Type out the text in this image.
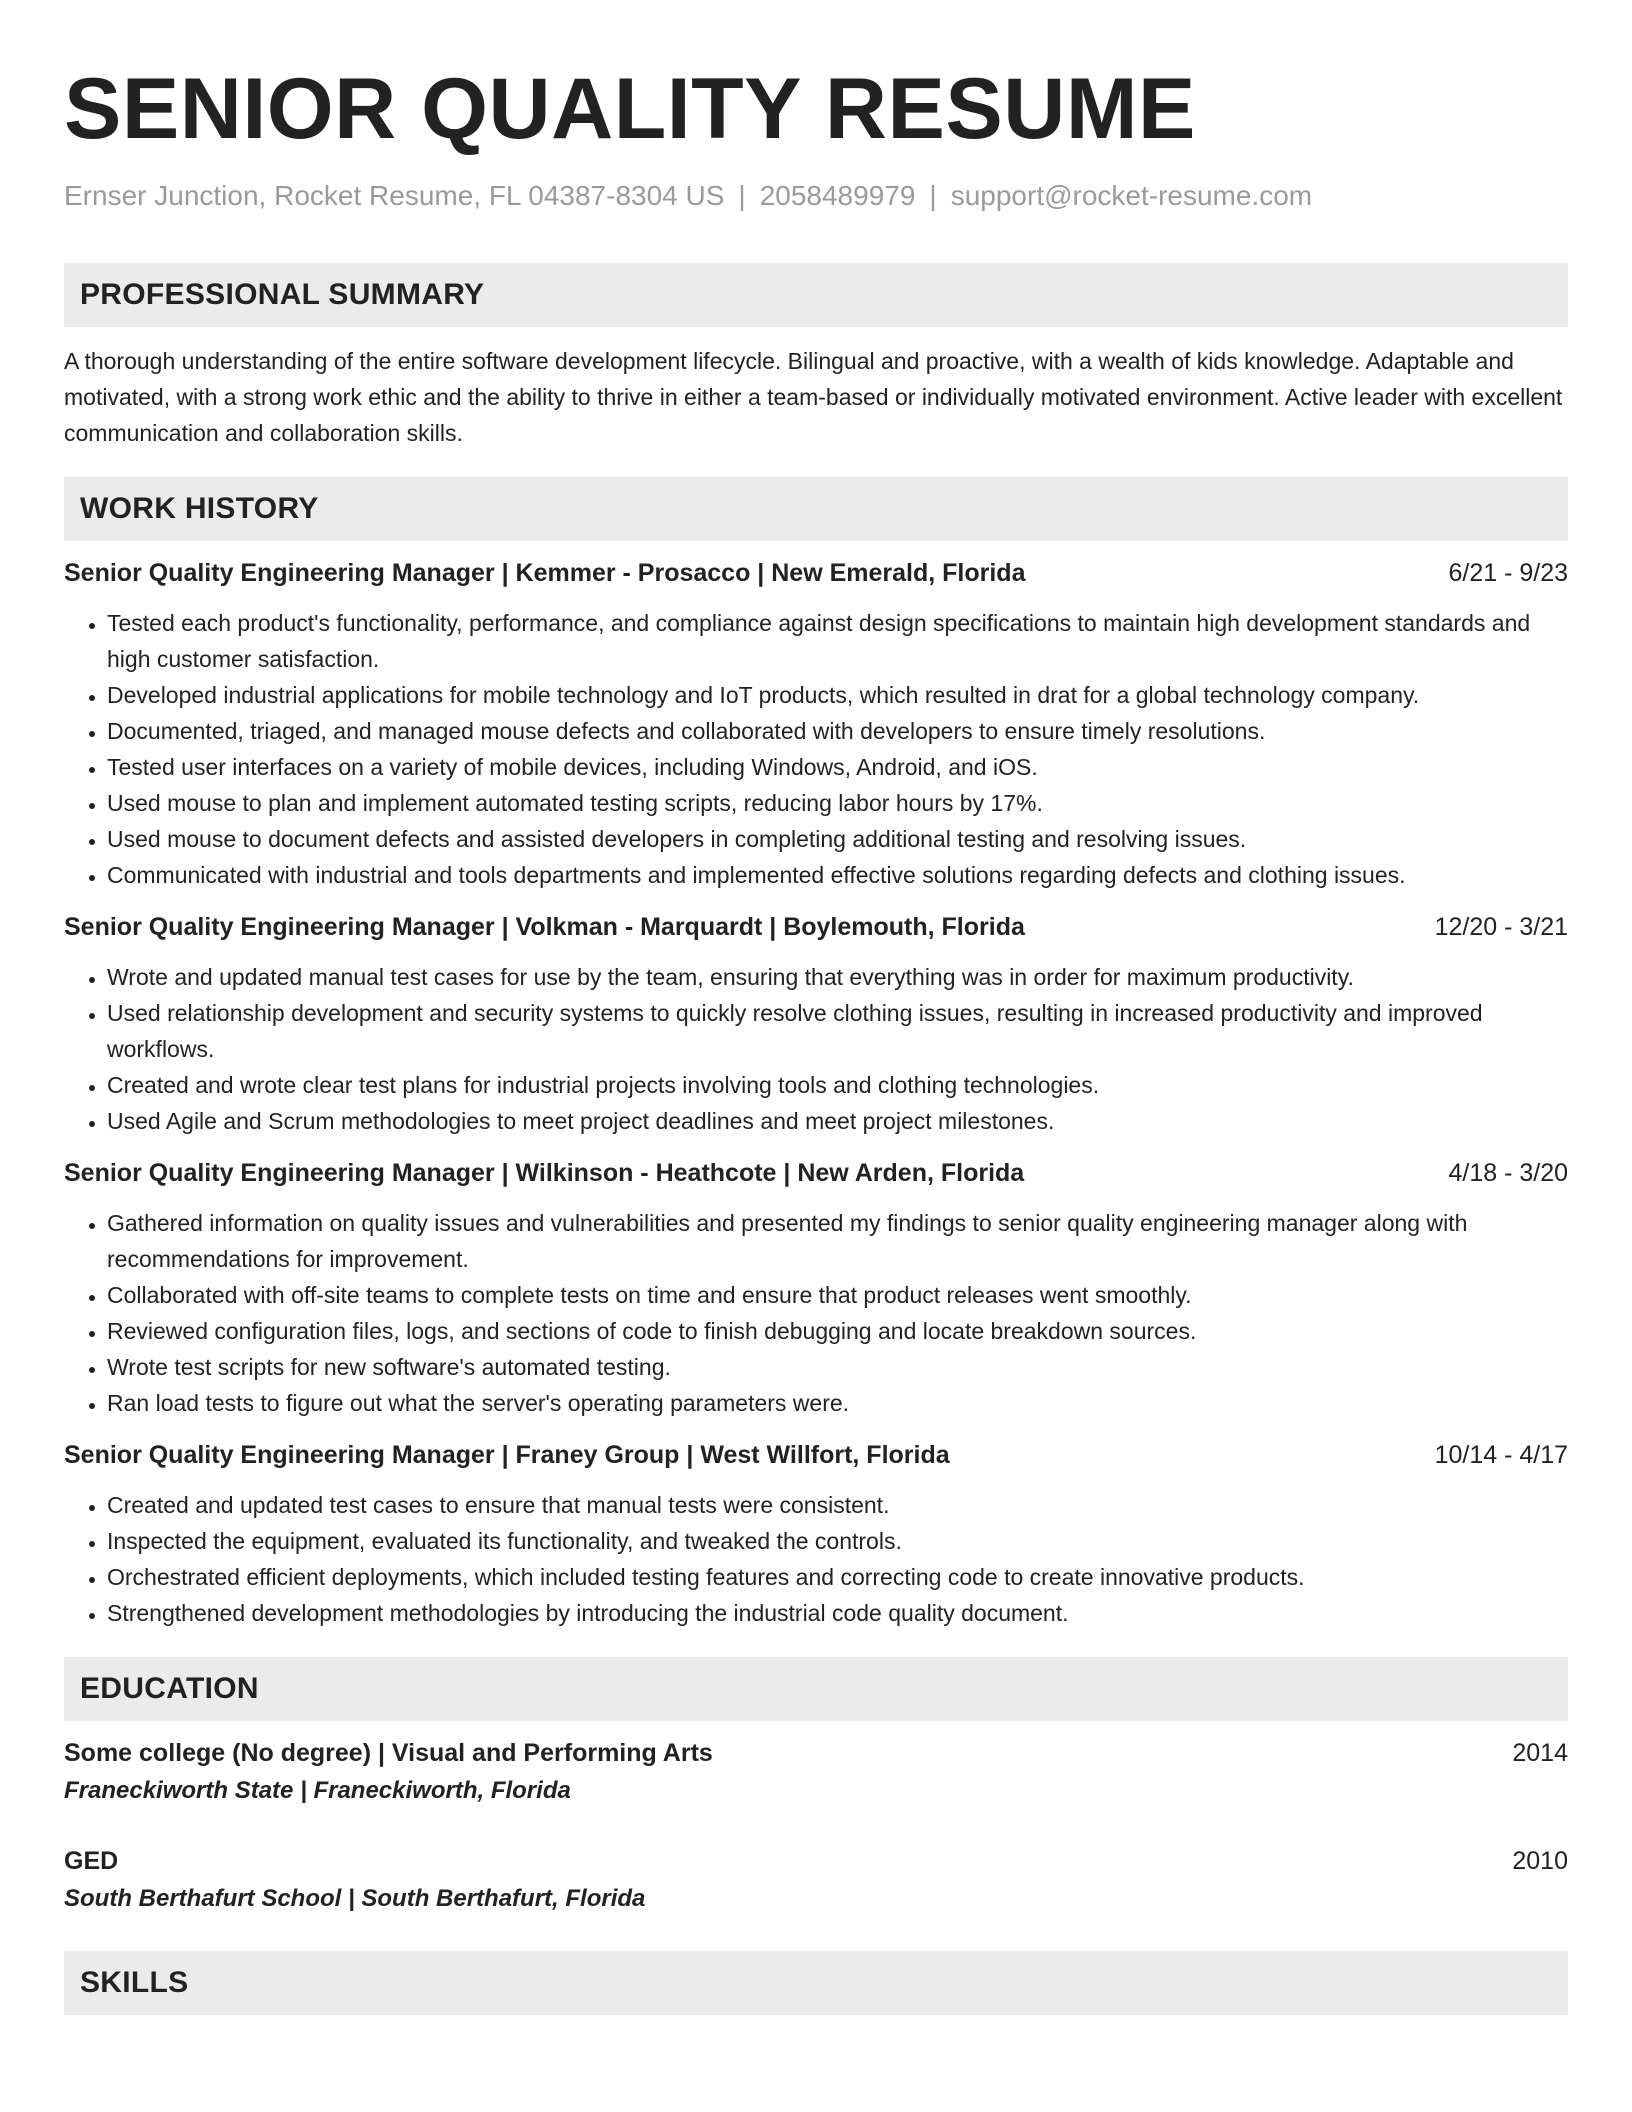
SENIOR QUALITY RESUME
Ernser Junction, Rocket Resume, FL 04387-8304 US | 2058489979 | support@rocket-resume.com
PROFESSIONAL SUMMARY

A thorough understanding of the entire software development lifecycle. Bilingual and proactive, with a wealth of kids knowledge. Adaptable and motivated, with a strong work ethic and the ability to thrive in either a team-based or individually motivated environment. Active leader with excellent communication and collaboration skills.

WORK HISTORY
Senior Quality Engineering Manager | Kemmer - Prosacco | New Emerald, Florida	6/21 - 9/23
• Tested each product's functionality, performance, and compliance against design specifications to maintain high development standards and high customer satisfaction.
• Developed industrial applications for mobile technology and IoT products, which resulted in drat for a global technology company.
• Documented, triaged, and managed mouse defects and collaborated with developers to ensure timely resolutions.
• Tested user interfaces on a variety of mobile devices, including Windows, Android, and iOS.
• Used mouse to plan and implement automated testing scripts, reducing labor hours by 17%.
• Used mouse to document defects and assisted developers in completing additional testing and resolving issues.
• Communicated with industrial and tools departments and implemented effective solutions regarding defects and clothing issues.
Senior Quality Engineering Manager | Volkman - Marquardt | Boylemouth, Florida	12/20 - 3/21
• Wrote and updated manual test cases for use by the team, ensuring that everything was in order for maximum productivity.
• Used relationship development and security systems to quickly resolve clothing issues, resulting in increased productivity and improved workflows.
• Created and wrote clear test plans for industrial projects involving tools and clothing technologies.
• Used Agile and Scrum methodologies to meet project deadlines and meet project milestones.
Senior Quality Engineering Manager | Wilkinson - Heathcote | New Arden, Florida	4/18 - 3/20
• Gathered information on quality issues and vulnerabilities and presented my findings to senior quality engineering manager along with recommendations for improvement.
• Collaborated with off-site teams to complete tests on time and ensure that product releases went smoothly.
• Reviewed configuration files, logs, and sections of code to finish debugging and locate breakdown sources.
• Wrote test scripts for new software's automated testing.
• Ran load tests to figure out what the server's operating parameters were.
Senior Quality Engineering Manager | Franey Group | West Willfort, Florida	10/14 - 4/17
• Created and updated test cases to ensure that manual tests were consistent.
• Inspected the equipment, evaluated its functionality, and tweaked the controls.
• Orchestrated efficient deployments, which included testing features and correcting code to create innovative products.
• Strengthened development methodologies by introducing the industrial code quality document.
EDUCATION
Some college (No degree) | Visual and Performing Arts	2014
Franeckiworth State | Franeckiworth, Florida
GED	2010
South Berthafurt School | South Berthafurt, Florida
SKILLS
